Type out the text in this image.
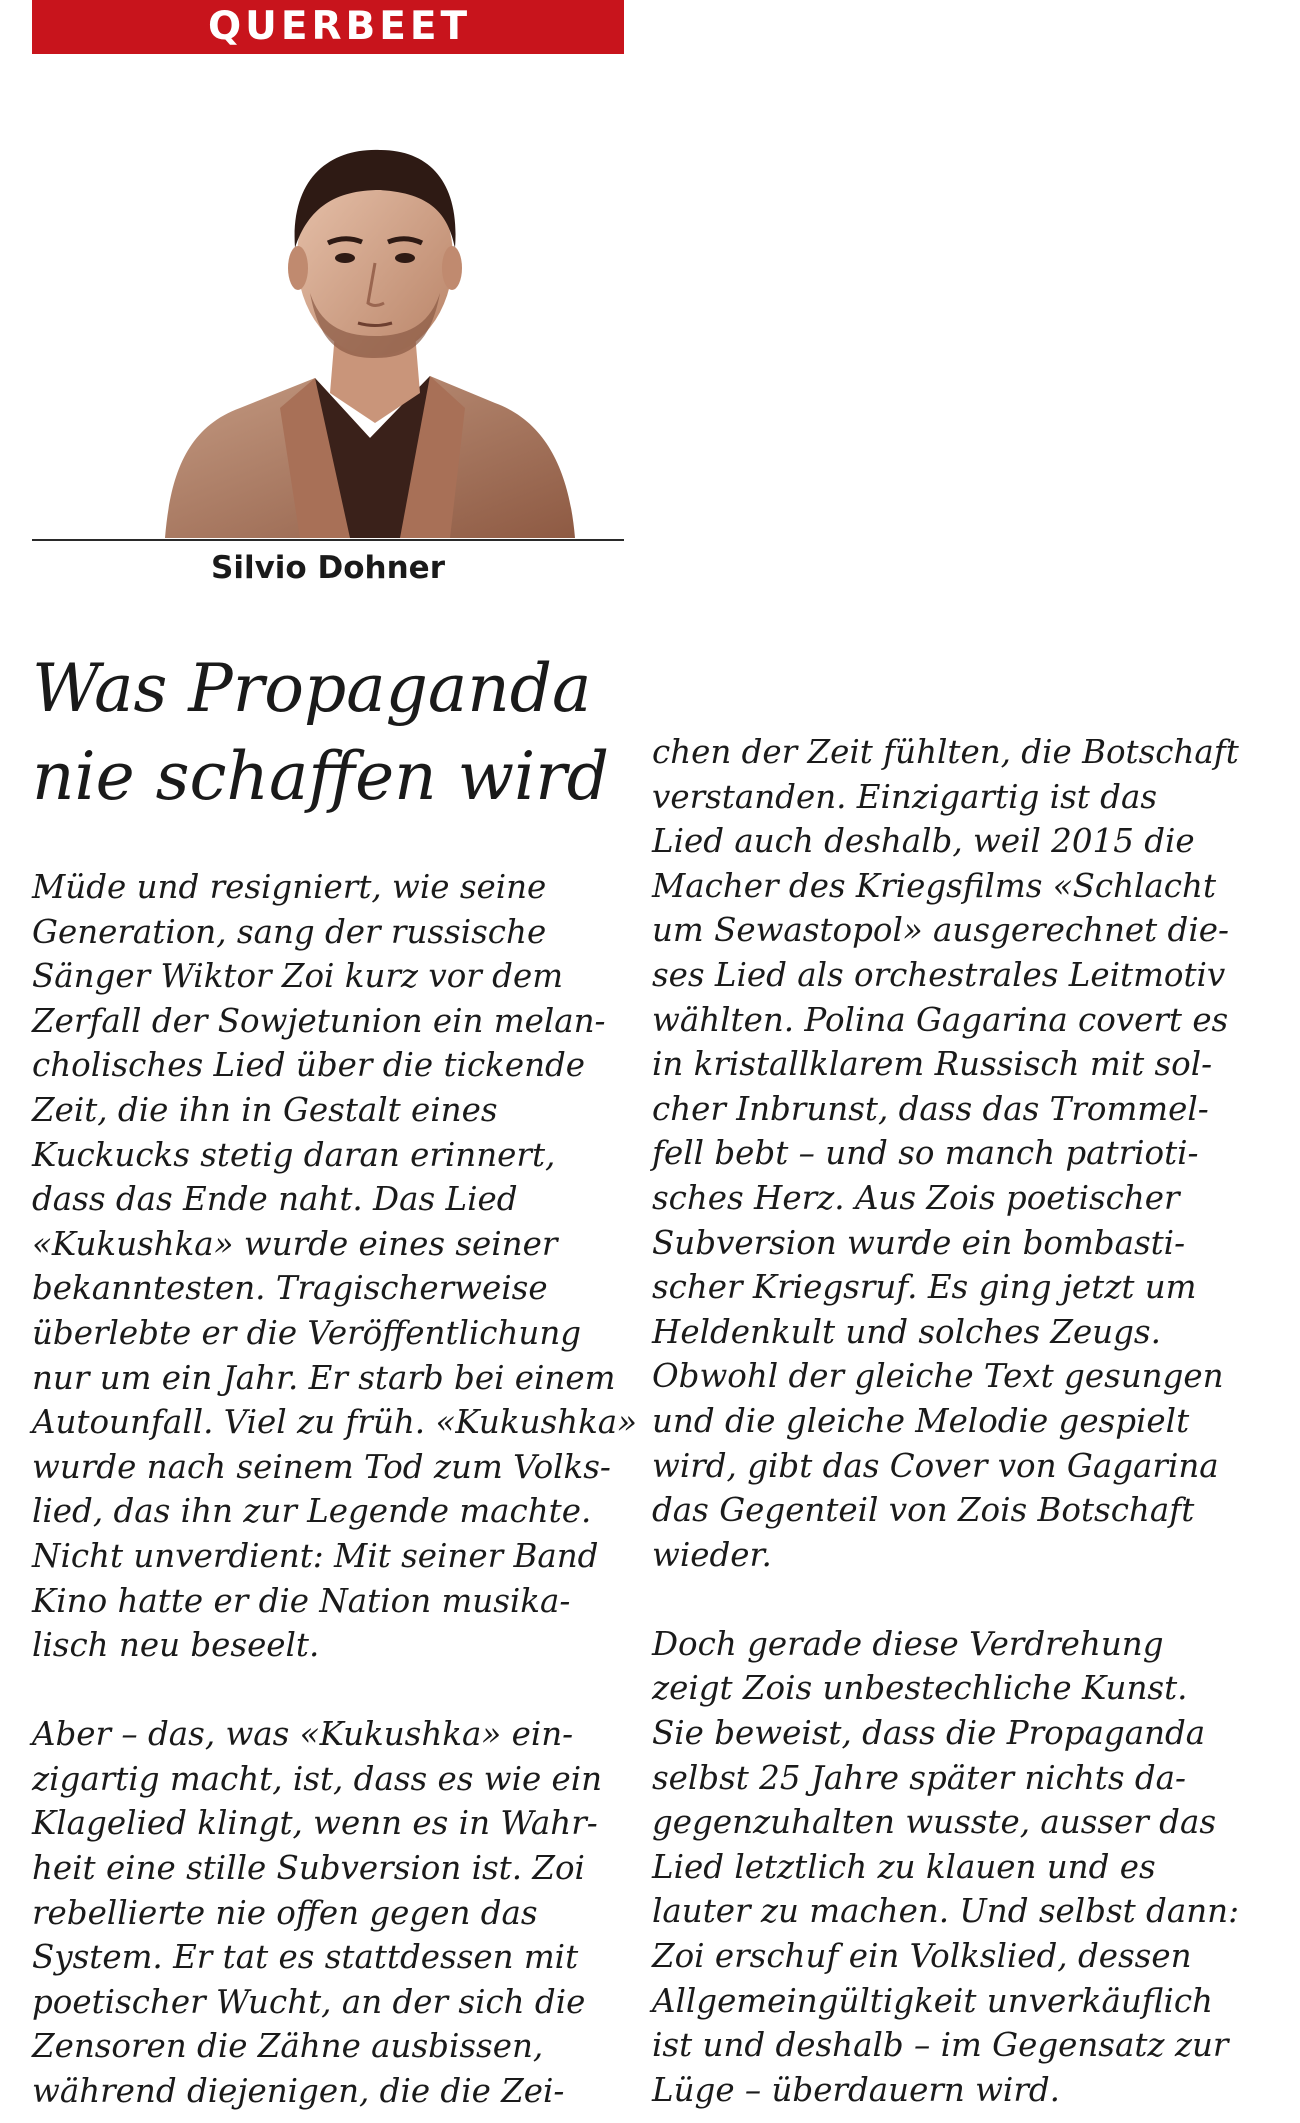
QUERBEET
Silvio Dohner
Was Propaganda
nie schaffen wird
Müde und resigniert, wie seine
Generation, sang der russische
Sänger Wiktor Zoi kurz vor dem
Zerfall der Sowjetunion ein melan-
cholisches Lied über die tickende
Zeit, die ihn in Gestalt eines
Kuckucks stetig daran erinnert,
dass das Ende naht. Das Lied
«Kukushka» wurde eines seiner
bekanntesten. Tragischerweise
überlebte er die Veröffentlichung
nur um ein Jahr. Er starb bei einem
Autounfall. Viel zu früh. «Kukushka»
wurde nach seinem Tod zum Volks-
lied, das ihn zur Legende machte.
Nicht unverdient: Mit seiner Band
Kino hatte er die Nation musika-
lisch neu beseelt.
Aber – das, was «Kukushka» ein-
zigartig macht, ist, dass es wie ein
Klagelied klingt, wenn es in Wahr-
heit eine stille Subversion ist. Zoi
rebellierte nie offen gegen das
System. Er tat es stattdessen mit
poetischer Wucht, an der sich die
Zensoren die Zähne ausbissen,
während diejenigen, die die Zei-
chen der Zeit fühlten, die Botschaft
verstanden. Einzigartig ist das
Lied auch deshalb, weil 2015 die
Macher des Kriegsfilms «Schlacht
um Sewastopol» ausgerechnet die-
ses Lied als orchestrales Leitmotiv
wählten. Polina Gagarina covert es
in kristallklarem Russisch mit sol-
cher Inbrunst, dass das Trommel-
fell bebt – und so manch patrioti-
sches Herz. Aus Zois poetischer
Subversion wurde ein bombasti-
scher Kriegsruf. Es ging jetzt um
Heldenkult und solches Zeugs.
Obwohl der gleiche Text gesungen
und die gleiche Melodie gespielt
wird, gibt das Cover von Gagarina
das Gegenteil von Zois Botschaft
wieder.
Doch gerade diese Verdrehung
zeigt Zois unbestechliche Kunst.
Sie beweist, dass die Propaganda
selbst 25 Jahre später nichts da-
gegenzuhalten wusste, ausser das
Lied letztlich zu klauen und es
lauter zu machen. Und selbst dann:
Zoi erschuf ein Volkslied, dessen
Allgemeingültigkeit unverkäuflich
ist und deshalb – im Gegensatz zur
Lüge – überdauern wird.
